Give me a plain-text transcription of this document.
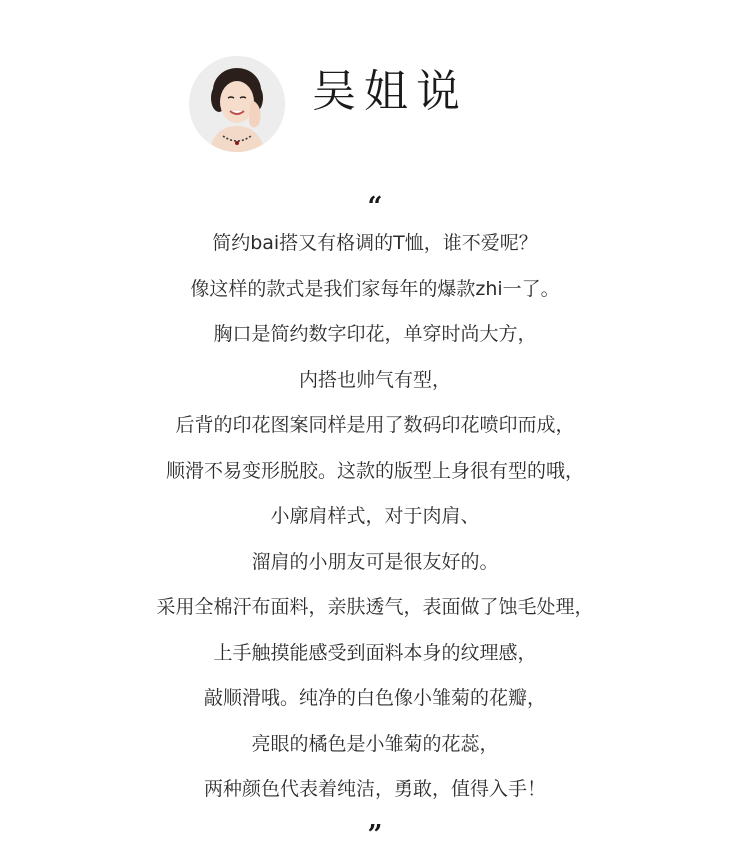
吴姐说
“
简约bai搭又有格调的T恤，谁不爱呢？
像这样的款式是我们家每年的爆款zhi一了。
胸口是简约数字印花，单穿时尚大方，
内搭也帅气有型，
后背的印花图案同样是用了数码印花喷印而成，
顺滑不易变形脱胶。这款的版型上身很有型的哦，
小廓肩样式，对于肉肩、
溜肩的小朋友可是很友好的。
采用全棉汗布面料，亲肤透气，表面做了蚀毛处理，
上手触摸能感受到面料本身的纹理感，
敲顺滑哦。纯净的白色像小雏菊的花瓣，
亮眼的橘色是小雏菊的花蕊，
两种颜色代表着纯洁，勇敢，值得入手！
”
